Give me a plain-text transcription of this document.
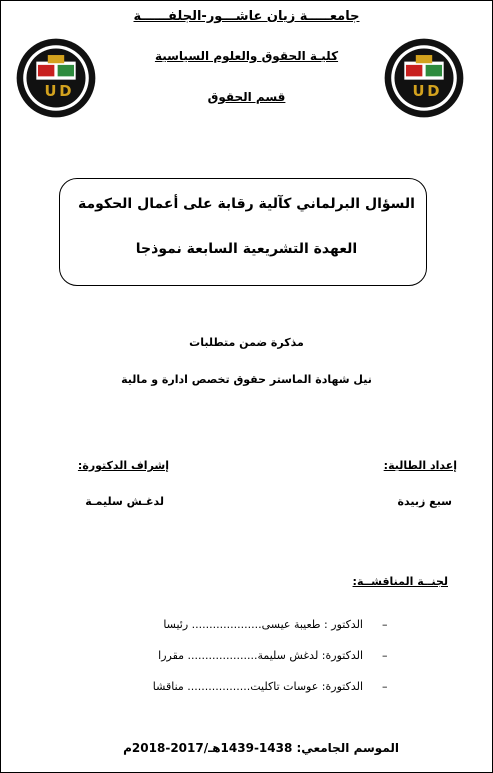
U D	U D
جامعـــــة زيان عاشـــور-الجلفــــــة
كليـة الحقوق والعلوم السياسية
قسم الحقوق
السؤال البرلماني كآلية رقابة على أعمال الحكومة
العهدة التشريعية السابعة نموذجا
مذكرة ضمن متطلبات
نيل شهادة الماستر حقوق تخصص ادارة و مالية
إعداد الطالبة:
إشراف الدكتورة:
سبع زبيدة
لدغـش سليمـة
لجنــة المناقشــة:
–
الدكتور : طعيبة عيسى.................... رئيسا
–
الدكتورة: لدغش سليمة.................... مقررا
–
الدكتورة: عوسات تاكليت.................. مناقشا
الموسم الجامعي: 1438-1439هـ/2017-2018م
